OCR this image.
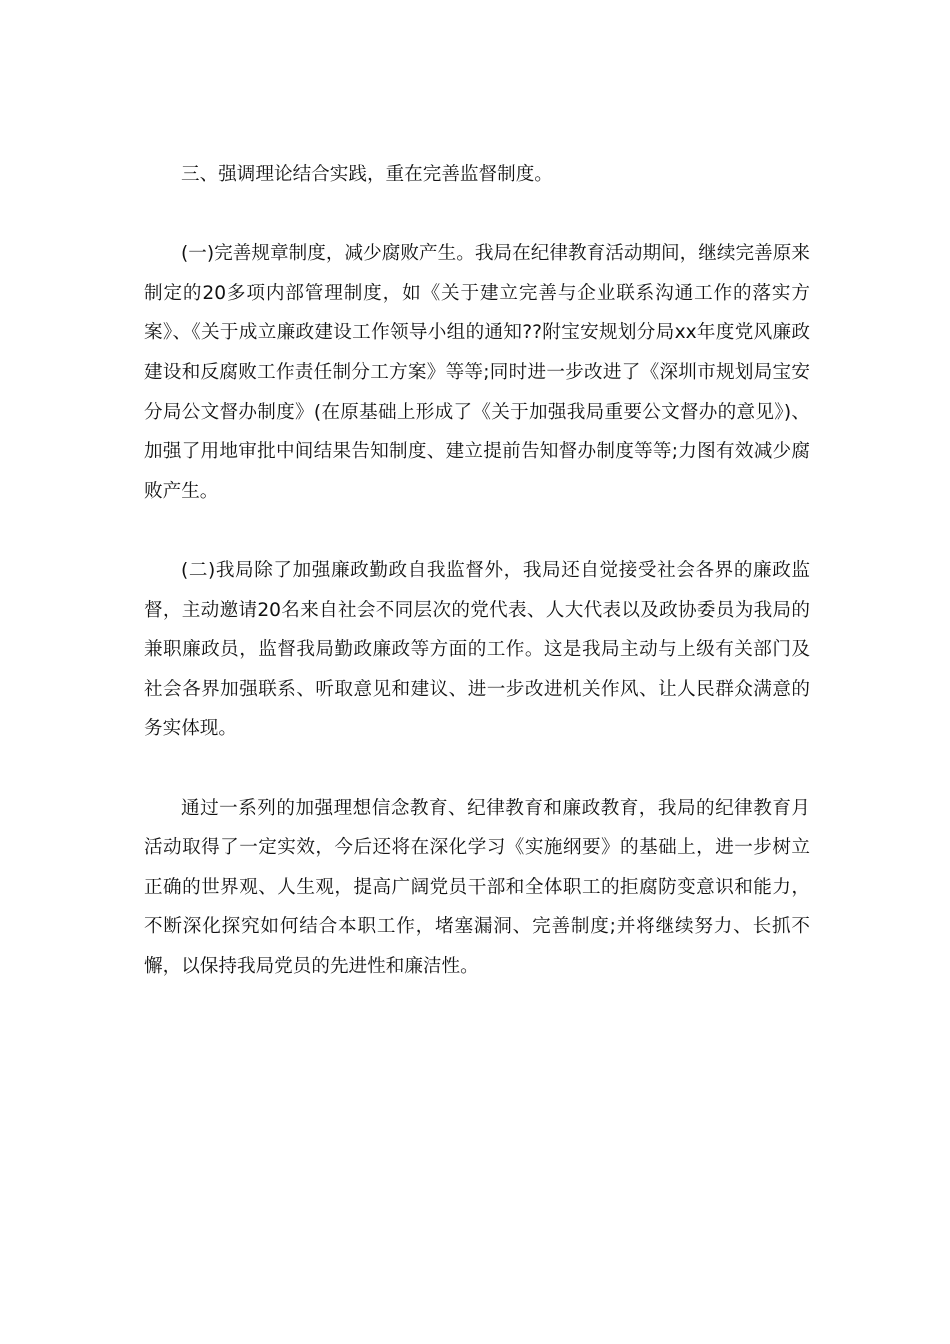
三、强调理论结合实践，重在完善监督制度。

(一)完善规章制度，减少腐败产生。我局在纪律教育活动期间，继续完善原来制定的20多项内部管理制度，如《关于建立完善与企业联系沟通工作的落实方案》、《关于成立廉政建设工作领导小组的通知??附宝安规划分局xx年度党风廉政建设和反腐败工作责任制分工方案》等等;同时进一步改进了《深圳市规划局宝安分局公文督办制度》(在原基础上形成了《关于加强我局重要公文督办的意见》)、加强了用地审批中间结果告知制度、建立提前告知督办制度等等;力图有效减少腐败产生。

(二)我局除了加强廉政勤政自我监督外，我局还自觉接受社会各界的廉政监督，主动邀请20名来自社会不同层次的党代表、人大代表以及政协委员为我局的兼职廉政员，监督我局勤政廉政等方面的工作。这是我局主动与上级有关部门及社会各界加强联系、听取意见和建议、进一步改进机关作风、让人民群众满意的务实体现。

通过一系列的加强理想信念教育、纪律教育和廉政教育，我局的纪律教育月活动取得了一定实效，今后还将在深化学习《实施纲要》的基础上，进一步树立正确的世界观、人生观，提高广阔党员干部和全体职工的拒腐防变意识和能力，不断深化探究如何结合本职工作，堵塞漏洞、完善制度;并将继续努力、长抓不懈，以保持我局党员的先进性和廉洁性。
